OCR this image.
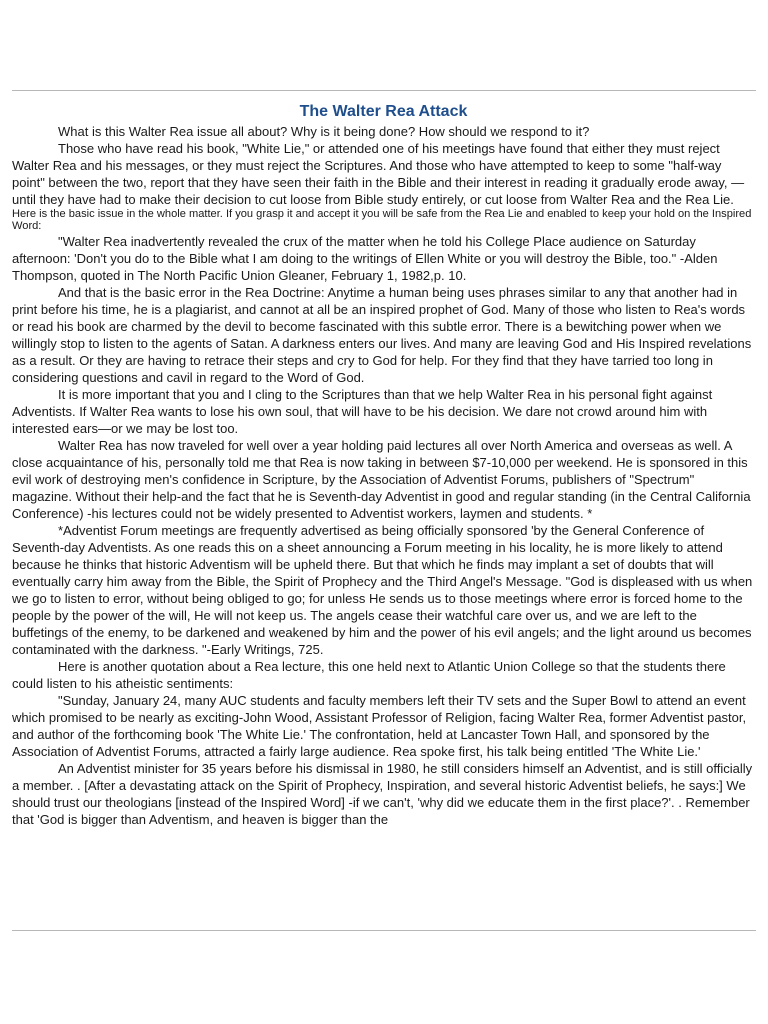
The Walter Rea Attack

What is this Walter Rea issue all about? Why is it being done? How should we respond to it?

Those who have read his book, "White Lie," or attended one of his meetings have found that either they must reject Walter Rea and his messages, or they must reject the Scriptures. And those who have attempted to keep to some "half-way point" between the two, report that they have seen their faith in the Bible and their interest in reading it gradually erode away, —until they have had to make their decision to cut loose from Bible study entirely, or cut loose from Walter Rea and the Rea Lie.

Here is the basic issue in the whole matter. If you grasp it and accept it you will be safe from the Rea Lie and enabled to keep your hold on the Inspired Word:

"Walter Rea inadvertently revealed the crux of the matter when he told his College Place audience on Saturday afternoon: 'Don't you do to the Bible what I am doing to the writings of Ellen White or you will destroy the Bible, too." -Alden Thompson, quoted in The North Pacific Union Gleaner, February 1, 1982,p. 10.

And that is the basic error in the Rea Doctrine: Anytime a human being uses phrases similar to any that another had in print before his time, he is a plagiarist, and cannot at all be an inspired prophet of God. Many of those who listen to Rea's words or read his book are charmed by the devil to become fascinated with this subtle error. There is a bewitching power when we willingly stop to listen to the agents of Satan. A darkness enters our lives. And many are leaving God and His Inspired revelations as a result. Or they are having to retrace their steps and cry to God for help. For they find that they have tarried too long in considering questions and cavil in regard to the Word of God.

It is more important that you and I cling to the Scriptures than that we help Walter Rea in his personal fight against Adventists. If Walter Rea wants to lose his own soul, that will have to be his decision. We dare not crowd around him with interested ears—or we may be lost too.

Walter Rea has now traveled for well over a year holding paid lectures all over North America and overseas as well. A close acquaintance of his, personally told me that Rea is now taking in between $7-10,000 per weekend. He is sponsored in this evil work of destroying men's confidence in Scripture, by the Association of Adventist Forums, publishers of "Spectrum" magazine. Without their help-and the fact that he is Seventh-day Adventist in good and regular standing (in the Central California Conference) -his lectures could not be widely presented to Adventist workers, laymen and students. *

*Adventist Forum meetings are frequently advertised as being officially sponsored 'by the General Conference of Seventh-day Adventists. As one reads this on a sheet announcing a Forum meeting in his locality, he is more likely to attend because he thinks that historic Adventism will be upheld there. But that which he finds may implant a set of doubts that will eventually carry him away from the Bible, the Spirit of Prophecy and the Third Angel's Message. "God is displeased with us when we go to listen to error, without being obliged to go; for unless He sends us to those meetings where error is forced home to the people by the power of the will, He will not keep us. The angels cease their watchful care over us, and we are left to the buffetings of the enemy, to be darkened and weakened by him and the power of his evil angels; and the light around us becomes contaminated with the darkness. "-Early Writings, 725.

Here is another quotation about a Rea lecture, this one held next to Atlantic Union College so that the students there could listen to his atheistic sentiments:

"Sunday, January 24, many AUC students and faculty members left their TV sets and the Super Bowl to attend an event which promised to be nearly as exciting-John Wood, Assistant Professor of Religion, facing Walter Rea, former Adventist pastor, and author of the forthcoming book 'The White Lie.' The confrontation, held at Lancaster Town Hall, and sponsored by the Association of Adventist Forums, attracted a fairly large audience. Rea spoke first, his talk being entitled 'The White Lie.'

An Adventist minister for 35 years before his dismissal in 1980, he still considers himself an Adventist, and is still officially a member. . [After a devastating attack on the Spirit of Prophecy, Inspiration, and several historic Adventist beliefs, he says:] We should trust our theologians [instead of the Inspired Word] -if we can't, 'why did we educate them in the first place?'. . Remember that 'God is bigger than Adventism, and heaven is bigger than the
